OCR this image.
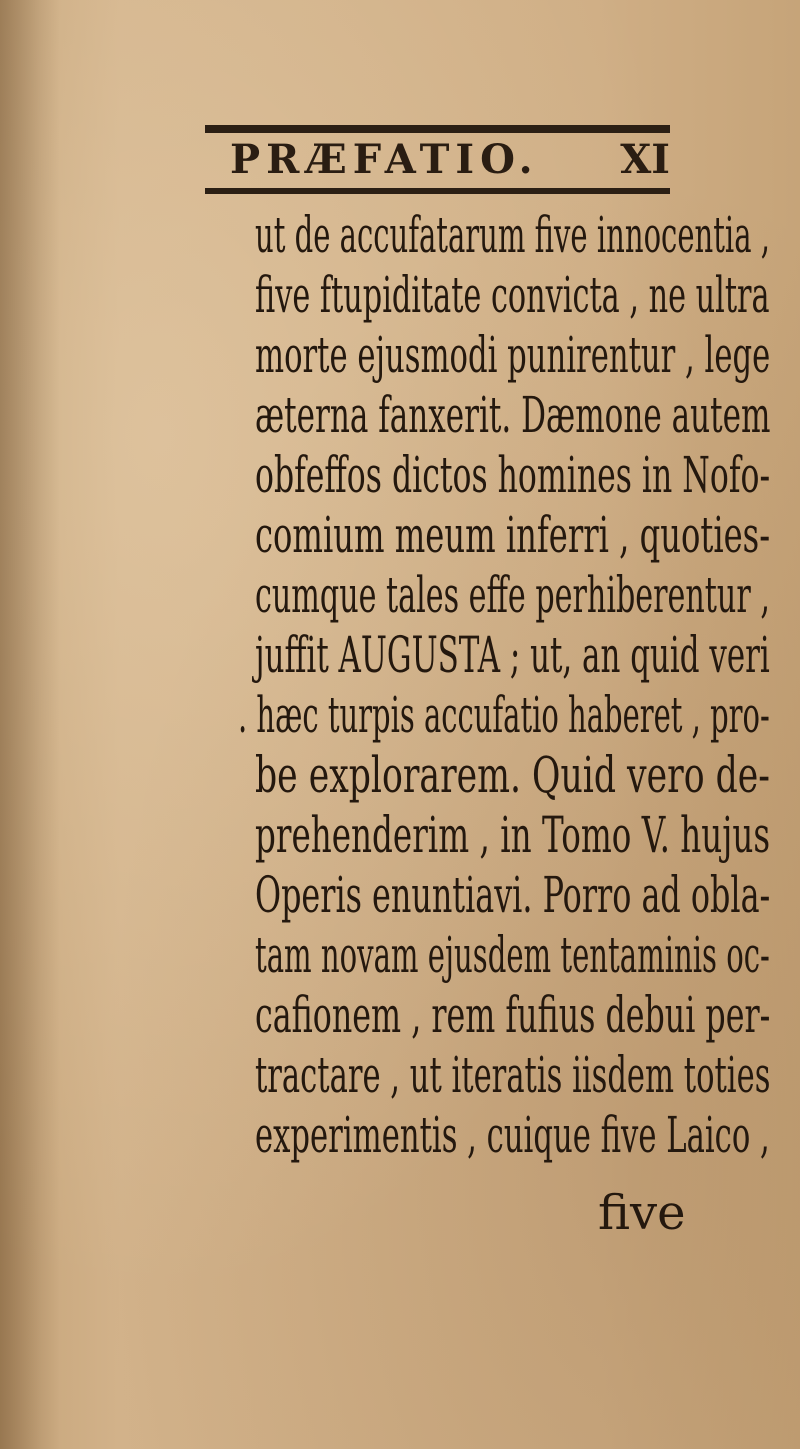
PRÆFATIO. XI
ut de accufatarum five innocentia ,
five ftupiditate convicta , ne ultra
morte ejusmodi punirentur , lege
æterna fanxerit. Dæmone autem
obfeffos dictos homines in Nofo-
comium meum inferri , quoties-
cumque tales effe perhiberentur ,
juffit AUGUSTA ; ut, an quid veri
. hæc turpis accufatio haberet , pro-
be explorarem. Quid vero de-
prehenderim , in Tomo V. hujus
Operis enuntiavi. Porro ad obla-
tam novam ejusdem tentaminis oc-
cafionem , rem fufius debui per-
tractare , ut iteratis iisdem toties
experimentis , cuique five Laico ,
five
